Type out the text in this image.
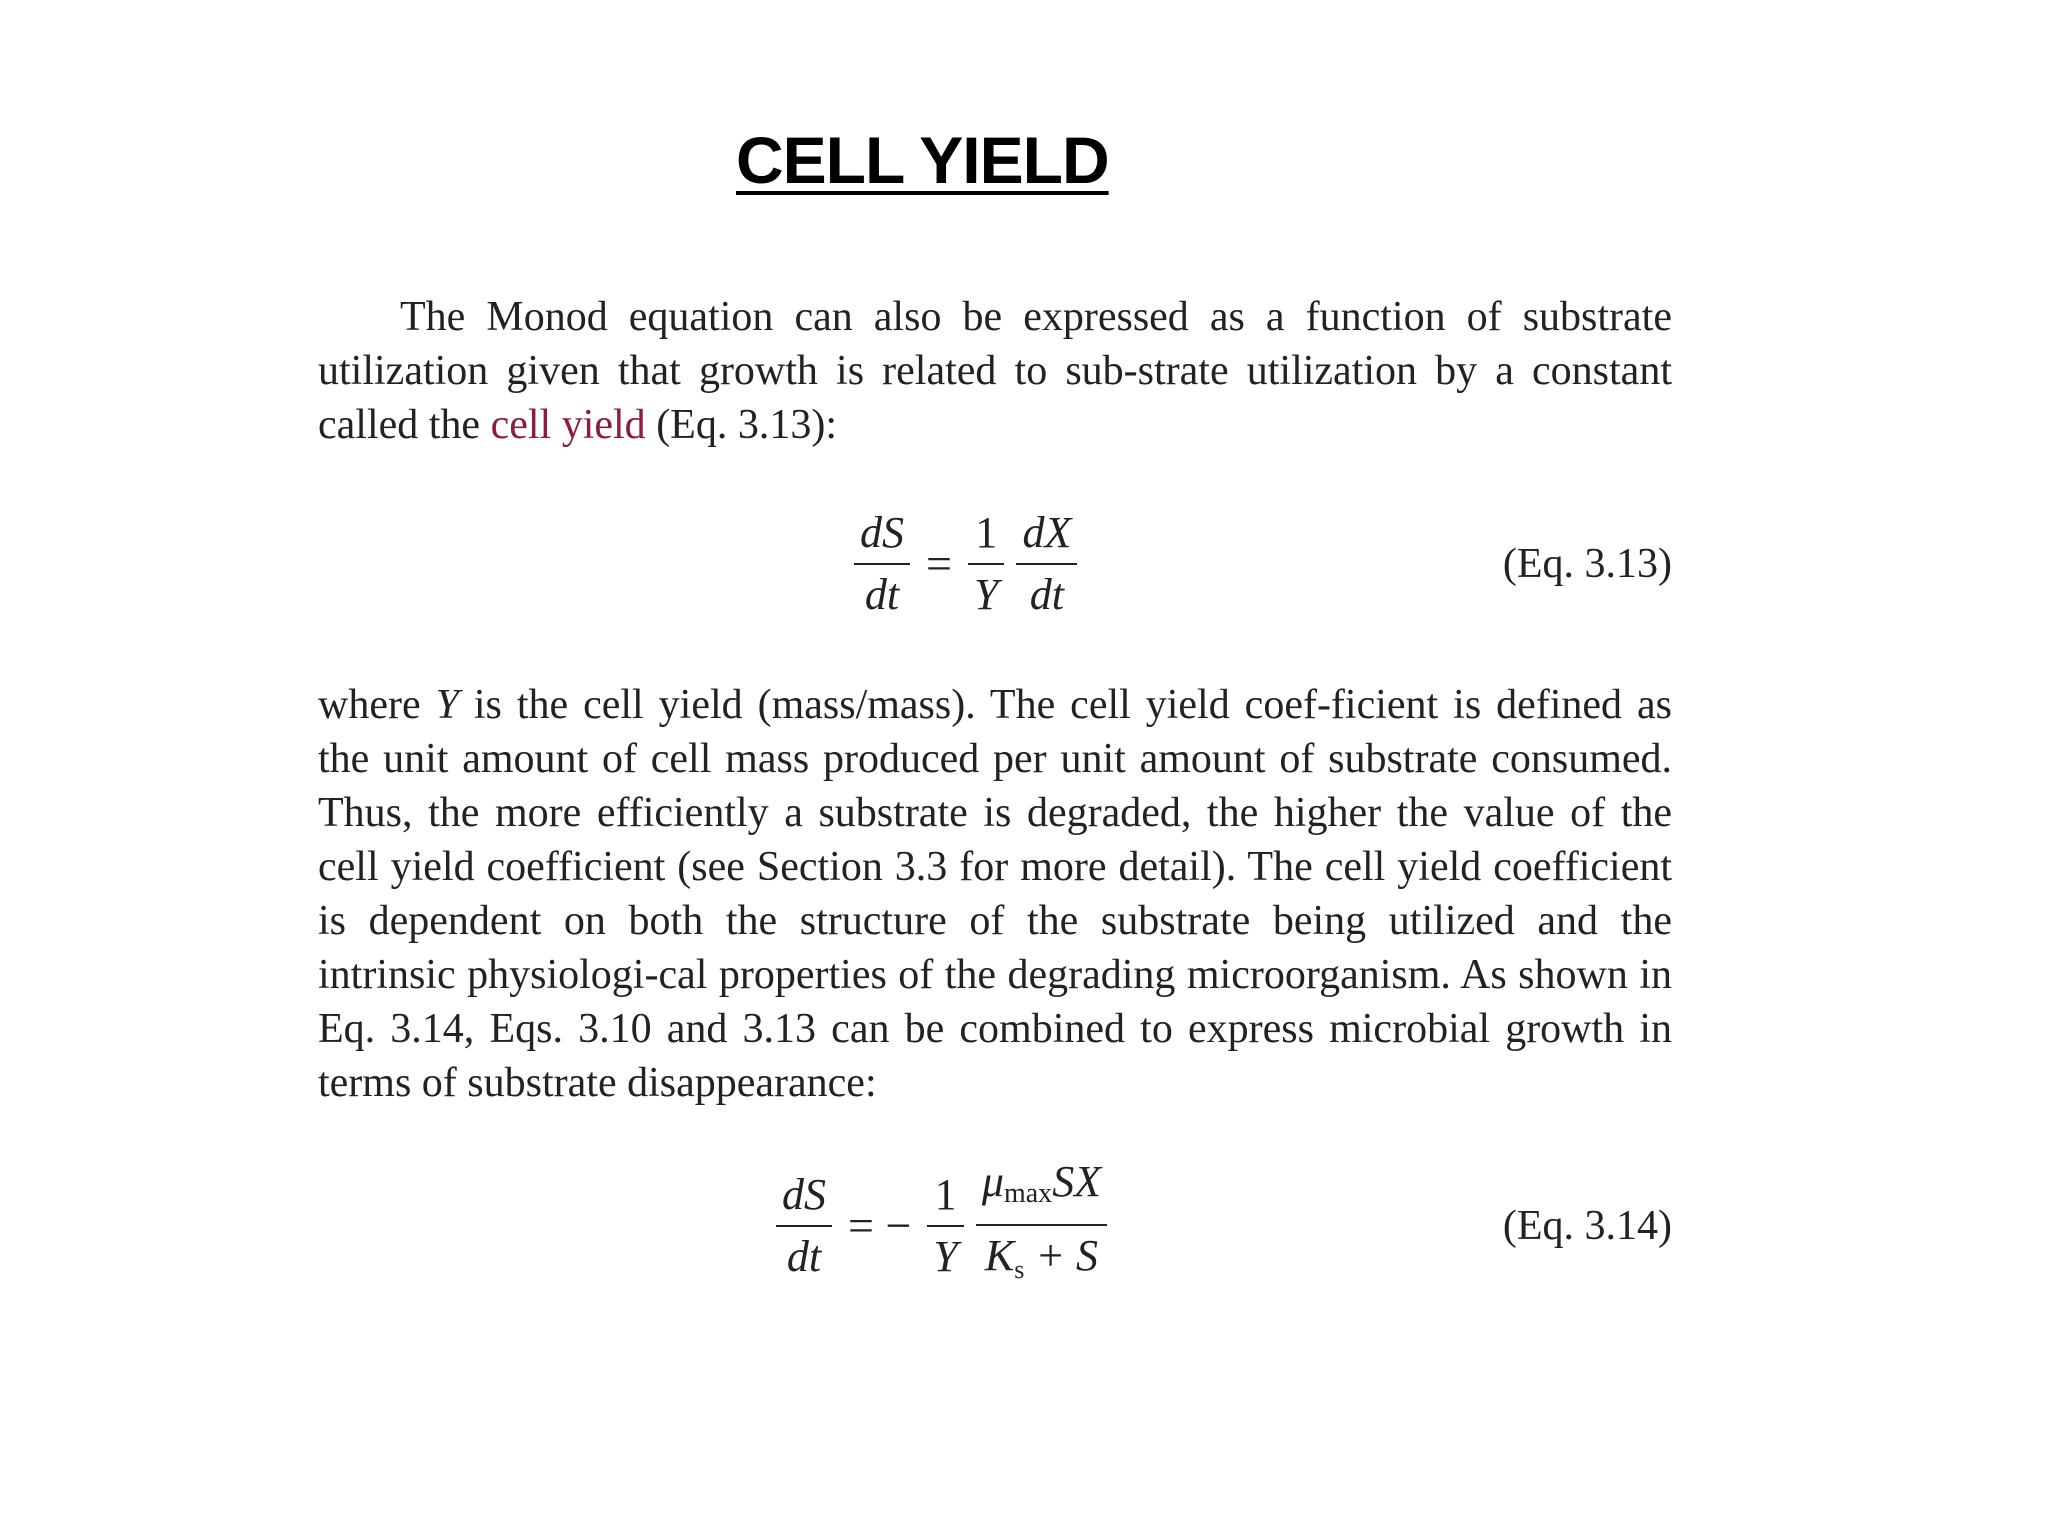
CELL YIELD

The Monod equation can also be expressed as a function of substrate utilization given that growth is related to sub-strate utilization by a constant called the cell yield (Eq. 3.13):

$\frac{dS}{dt} = \frac{1}{Y} \frac{dX}{dt}$	(Eq. 3.13)

where Y is the cell yield (mass/mass). The cell yield coef-ficient is defined as the unit amount of cell mass produced per unit amount of substrate consumed. Thus, the more efficiently a substrate is degraded, the higher the value of the cell yield coefficient (see Section 3.3 for more detail). The cell yield coefficient is dependent on both the structure of the substrate being utilized and the intrinsic physiologi-cal properties of the degrading microorganism. As shown in Eq. 3.14, Eqs. 3.10 and 3.13 can be combined to express microbial growth in terms of substrate disappearance:

$\frac{dS}{dt}$ = − $\frac{1}{Y} \frac{\mu_{max}SX}{K_s + S}$	(Eq. 3.14)
